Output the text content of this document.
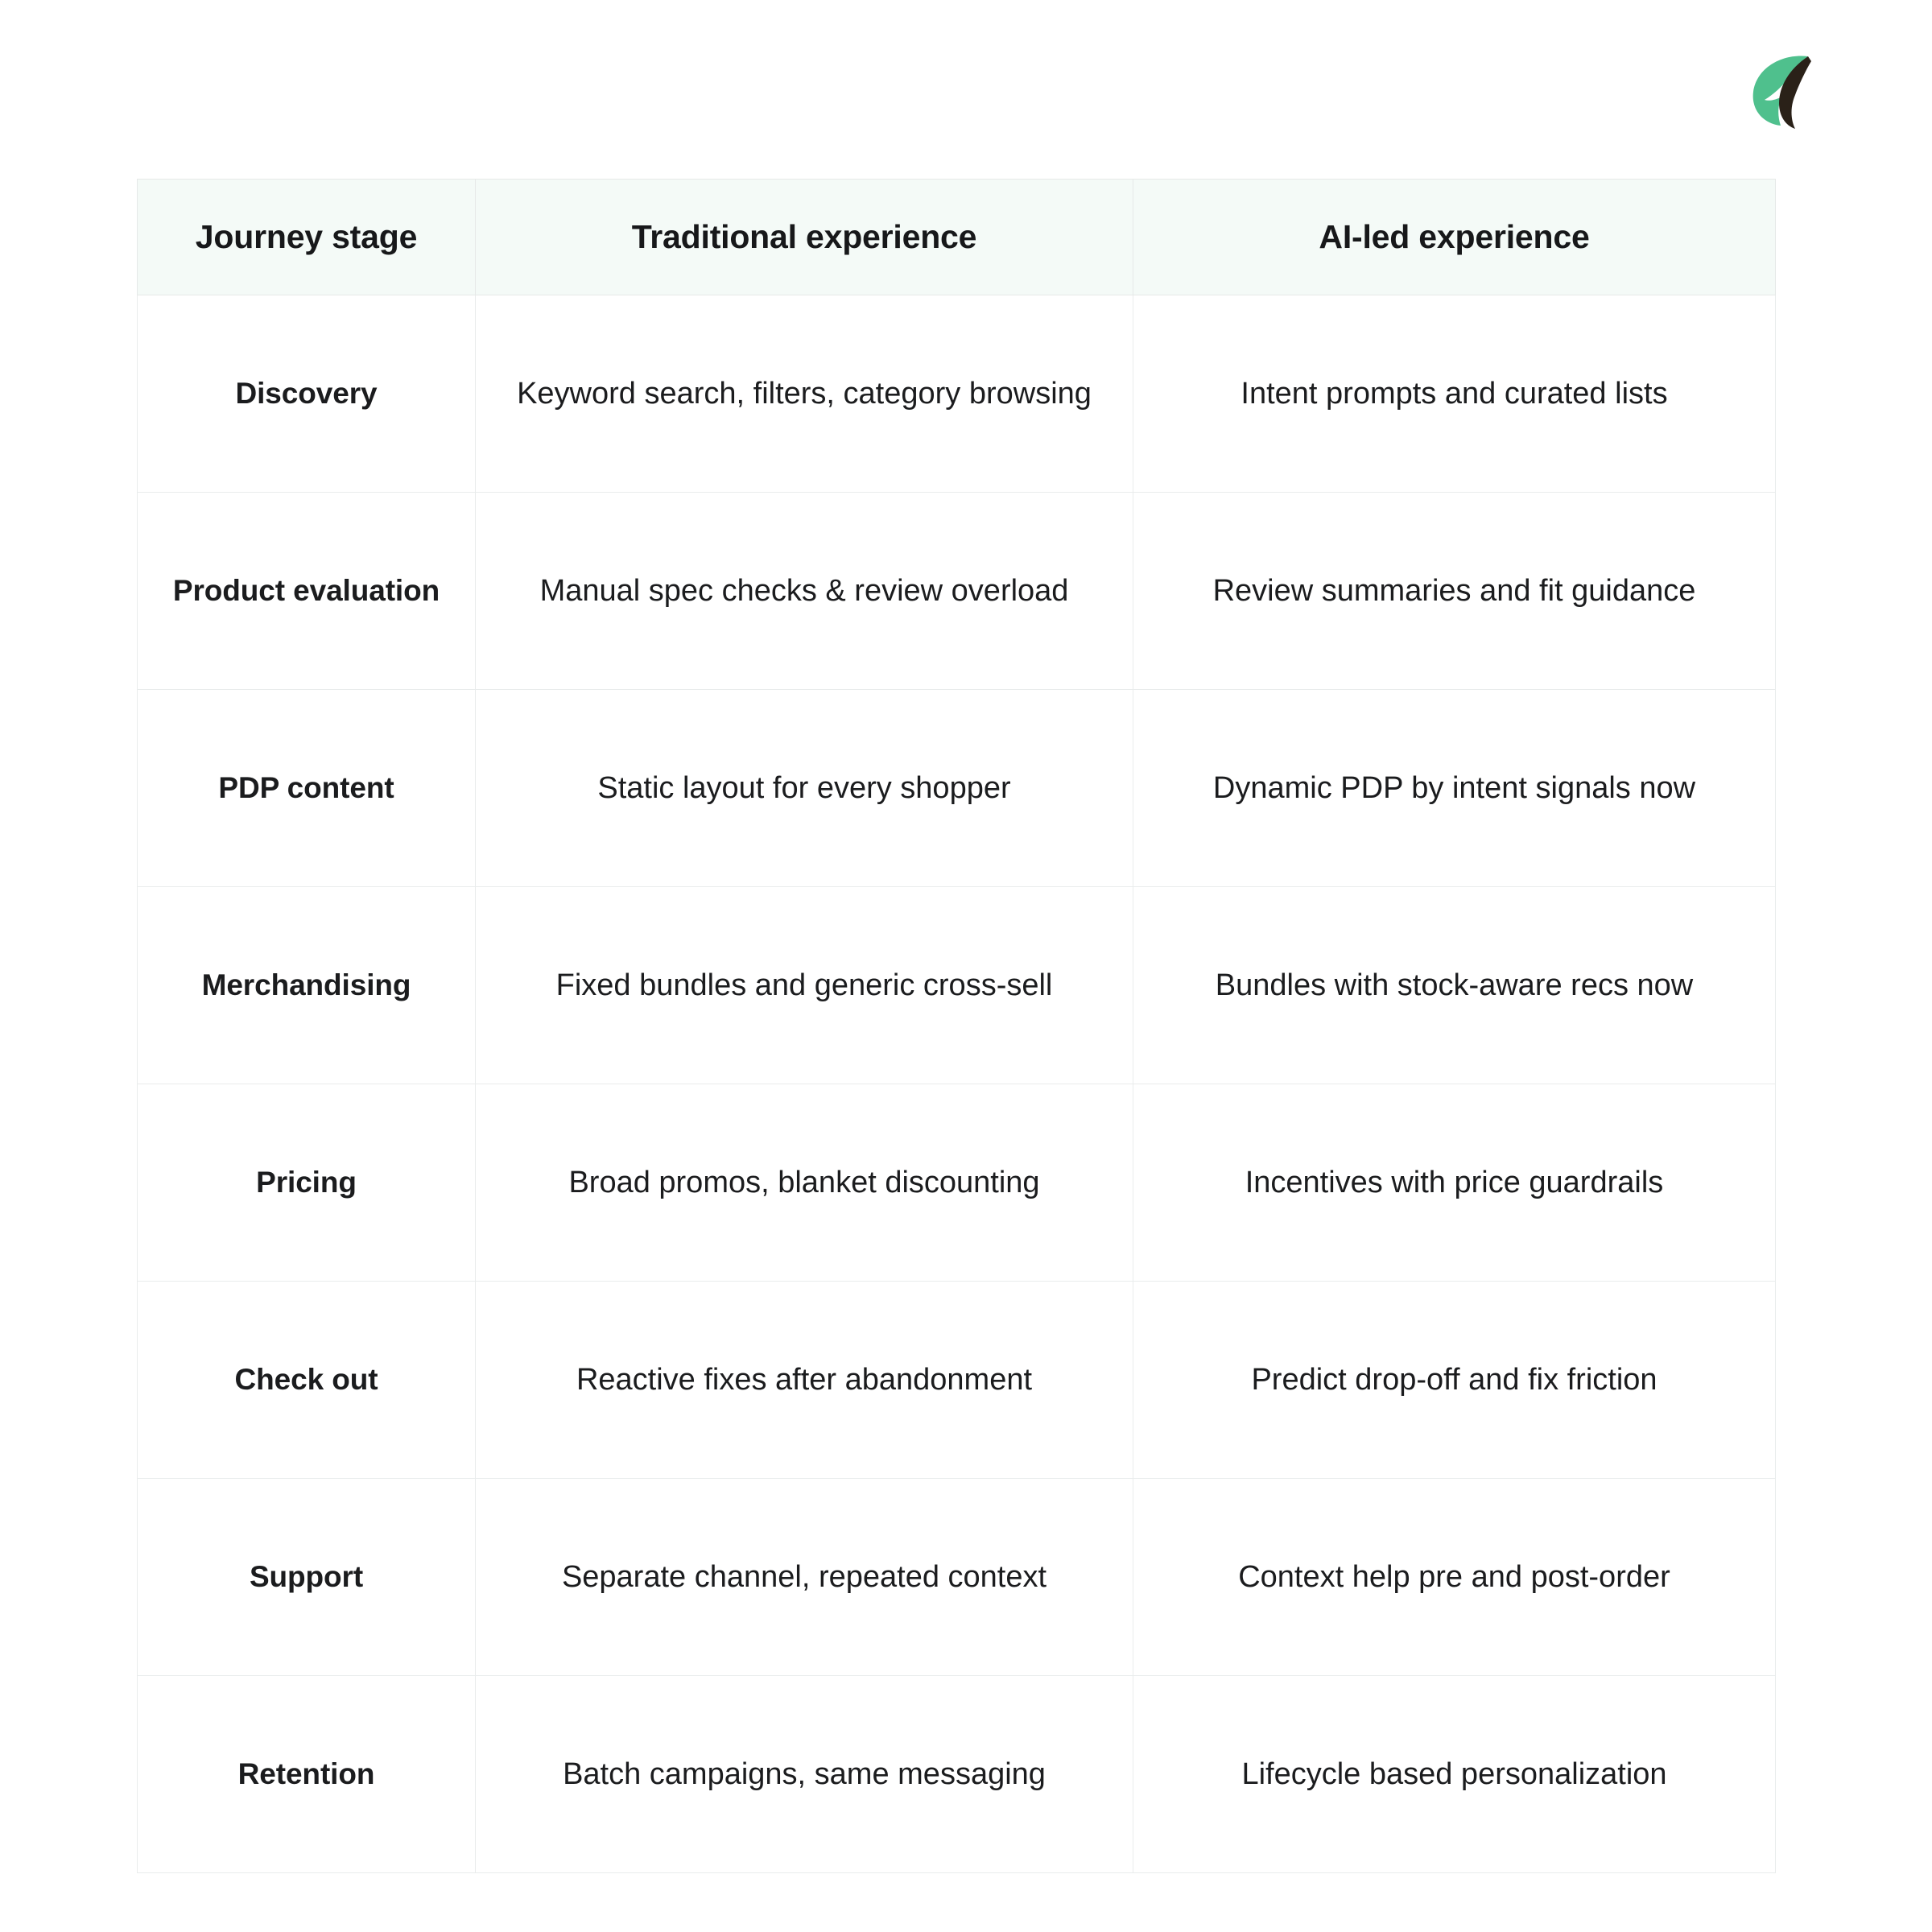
Journey stage	Traditional experience	AI-led experience
Discovery	Keyword search, filters, category browsing	Intent prompts and curated lists
Product evaluation	Manual spec checks & review overload	Review summaries and fit guidance
PDP content	Static layout for every shopper	Dynamic PDP by intent signals now
Merchandising	Fixed bundles and generic cross-sell	Bundles with stock-aware recs now
Pricing	Broad promos, blanket discounting	Incentives with price guardrails
Check out	Reactive fixes after abandonment	Predict drop-off and fix friction
Support	Separate channel, repeated context	Context help pre and post-order
Retention	Batch campaigns, same messaging	Lifecycle based personalization
